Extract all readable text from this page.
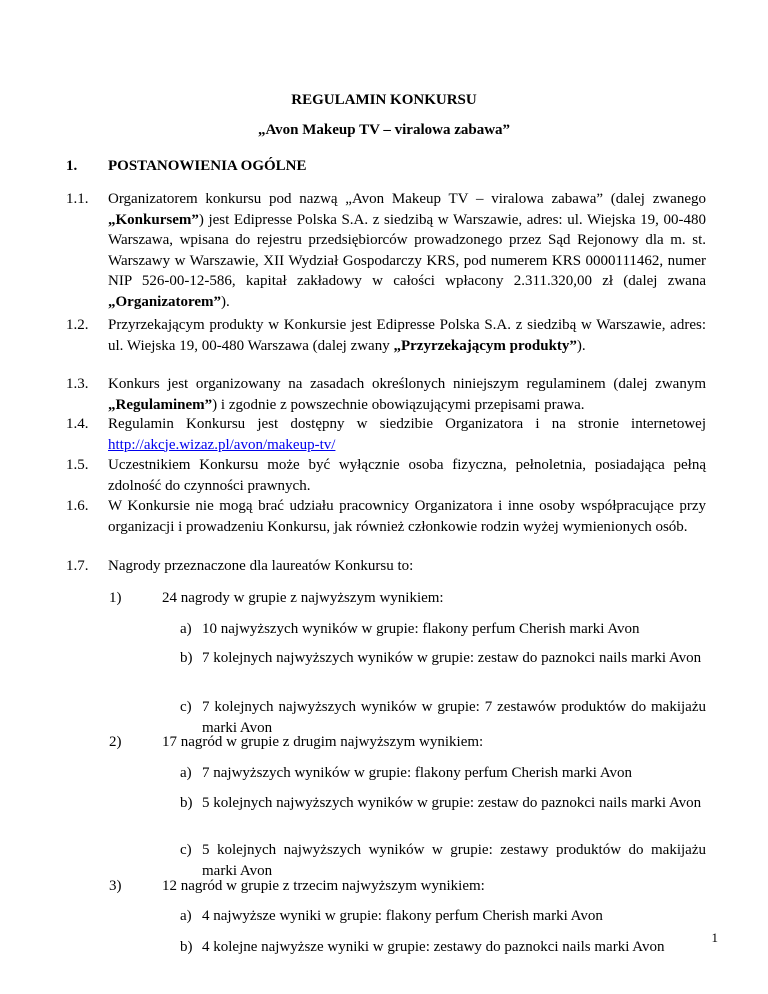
REGULAMIN KONKURSU
„Avon Makeup TV – viralowa zabawa”
1. POSTANOWIENIA OGÓLNE
1.1. Organizatorem konkursu pod nazwą „Avon Makeup TV – viralowa zabawa” (dalej zwanego „Konkursem”) jest Edipresse Polska S.A. z siedzibą w Warszawie, adres: ul. Wiejska 19, 00-480 Warszawa, wpisana do rejestru przedsiębiorców prowadzonego przez Sąd Rejonowy dla m. st. Warszawy w Warszawie, XII Wydział Gospodarczy KRS, pod numerem KRS 0000111462, numer NIP 526-00-12-586, kapitał zakładowy w całości wpłacony 2.311.320,00 zł (dalej zwana „Organizatorem”).
1.2. Przyrzekającym produkty w Konkursie jest Edipresse Polska S.A. z siedzibą w Warszawie, adres: ul. Wiejska 19, 00-480 Warszawa (dalej zwany „Przyrzekającym produkty”).
1.3. Konkurs jest organizowany na zasadach określonych niniejszym regulaminem (dalej zwanym „Regulaminem”) i zgodnie z powszechnie obowiązującymi przepisami prawa.
1.4. Regulamin Konkursu jest dostępny w siedzibie Organizatora i na stronie internetowej http://akcje.wizaz.pl/avon/makeup-tv/
1.5. Uczestnikiem Konkursu może być wyłącznie osoba fizyczna, pełnoletnia, posiadająca pełną zdolność do czynności prawnych.
1.6. W Konkursie nie mogą brać udziału pracownicy Organizatora i inne osoby współpracujące przy organizacji i prowadzeniu Konkursu, jak również członkowie rodzin wyżej wymienionych osób.
1.7. Nagrody przeznaczone dla laureatów Konkursu to:
1)	24 nagrody w grupie z najwyższym wynikiem:
a) 10 najwyższych wyników w grupie: flakony perfum Cherish marki Avon
b) 7 kolejnych najwyższych wyników w grupie: zestaw do paznokci nails marki Avon
c) 7 kolejnych najwyższych wyników w grupie: 7 zestawów produktów do makijażu marki Avon
2)	17 nagród w grupie z drugim najwyższym wynikiem:
a) 7 najwyższych wyników w grupie: flakony perfum Cherish marki Avon
b) 5 kolejnych najwyższych wyników w grupie: zestaw do paznokci nails marki Avon
c) 5 kolejnych najwyższych wyników w grupie: zestawy produktów do makijażu marki Avon
3)	12 nagród w grupie z trzecim najwyższym wynikiem:
a) 4 najwyższe wyniki w grupie: flakony perfum Cherish marki Avon
b) 4 kolejne najwyższe wyniki w grupie: zestawy do paznokci nails marki Avon
1
